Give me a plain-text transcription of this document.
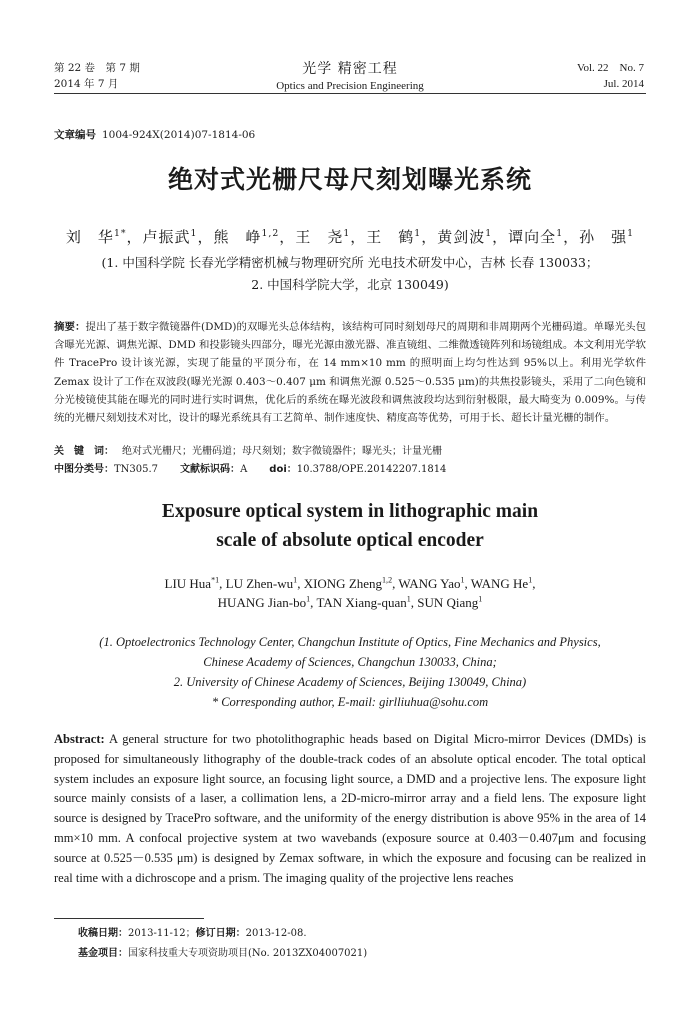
第 22 卷　第 7 期
2014 年 7 月
光学 精密工程
Optics and Precision Engineering
Vol. 22　No. 7
Jul. 2014
文章编号 1004-924X(2014)07-1814-06
绝对式光栅尺母尺刻划曝光系统
刘　华$^{1*}$，卢振武$^1$，熊　峥$^{1,2}$，王　尧$^1$，王　鹤$^1$，黄剑波$^1$，谭向全$^1$，孙　强$^1$
(1. 中国科学院 长春光学精密机械与物理研究所 光电技术研发中心，吉林 长春 130033；
2. 中国科学院大学，北京 130049)
摘要：提出了基于数字微镜器件(DMD)的双曝光头总体结构，该结构可同时刻划母尺的周期和非周期两个光栅码道。单曝光头包含曝光光源、调焦光源、DMD 和投影镜头四部分，曝光光源由激光器、准直镜组、二维微透镜阵列和场镜组成。本文利用光学软件 TracePro 设计该光源，实现了能量的平顶分布，在 14 mm×10 mm 的照明面上均匀性达到 95%以上。利用光学软件 Zemax 设计了工作在双波段(曝光光源 0.403～0.407 μm 和调焦光源 0.525～0.535 μm)的共焦投影镜头，采用了二向色镜和分光棱镜使其能在曝光的同时进行实时调焦，优化后的系统在曝光波段和调焦波段均达到衍射极限，最大畸变为 0.009%。与传统的光栅尺刻划技术对比，设计的曝光系统具有工艺简单、制作速度快、精度高等优势，可用于长、超长计量光栅的制作。
关　键　词： 绝对式光栅尺；光栅码道；母尺刻划；数字微镜器件；曝光头；计量光栅
中图分类号：TN305.7 文献标识码：A doi：10.3788/OPE.20142207.1814
Exposure optical system in lithographic main
scale of absolute optical encoder
LIU Hua$^{*1}$, LU Zhen-$wu^1$, XIONG Zheng$^{1,2}$, WANG Yao$^1$, WANG He$^1$,
HUANG Jian-$bo^1$, TAN Xiang-quan$^1$, SUN Qiang$^1$
(1. Optoelectronics Technology Center, Changchun Institute of Optics, Fine Mechanics and Physics,
Chinese Academy of Sciences, Changchun 130033, China;
2. University of Chinese Academy of Sciences, Beijing 130049, China)
* Corresponding author, E-mail: girlliuhua@sohu.com
Abstract: A general structure for two photolithographic heads based on Digital Micro-mirror Devices (DMDs) is proposed for simultaneously lithography of the double-track codes of an absolute optical encoder. The total optical system includes an exposure light source, an focusing light source, a DMD and a projective lens. The exposure light source mainly consists of a laser, a collimation lens, a 2D-micro-mirror array and a field lens. The exposure light source is designed by TracePro software, and the uniformity of the energy distribution is above 95% in the area of 14 mm×10 mm. A confocal projective system at two wavebands (exposure source at 0.403－0.407μm and focusing source at 0.525－0.535 μm) is designed by Zemax software, in which the exposure and focusing can be realized in real time with a dichroscope and a prism. The imaging quality of the projective lens reaches
收稿日期：2013-11-12；修订日期：2013-12-08.
基金项目：国家科技重大专项资助项目(No. 2013ZX04007021)
